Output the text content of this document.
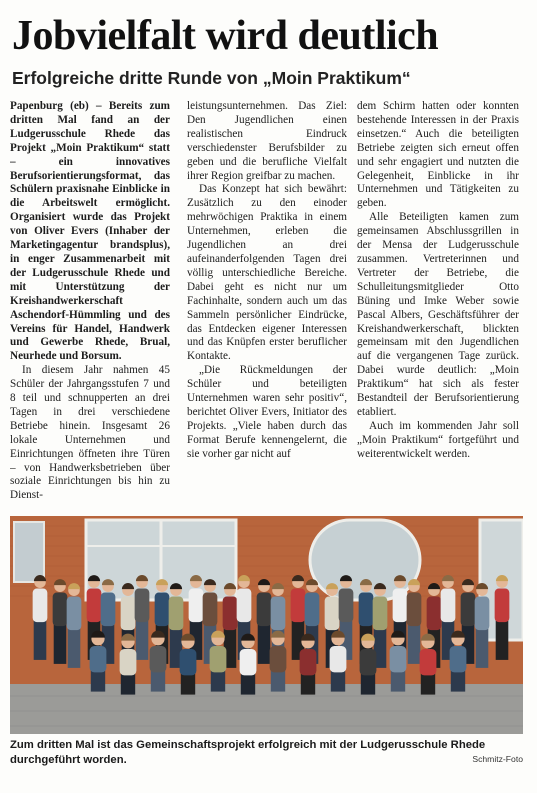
Jobvielfalt wird deutlich
Erfolgreiche dritte Runde von „Moin Praktikum“

Papenburg (eb) – Bereits zum dritten Mal fand an der Ludgerusschule Rhede das Projekt „Moin Praktikum“ statt – ein innovatives Berufsorientierungsformat, das Schülern praxisnahe Einblicke in die Arbeitswelt ermöglicht. Organisiert wurde das Projekt von Oliver Evers (Inhaber der Marketingagentur brandsplus), in enger Zusammenarbeit mit der Ludgerusschule Rhede und mit Unterstützung der Kreishandwerkerschaft Aschendorf-Hümmling und des Vereins für Handel, Handwerk und Gewerbe Rhede, Brual, Neurhede und Borsum.

In diesem Jahr nahmen 45 Schüler der Jahrgangsstufen 7 und 8 teil und schnupperten an drei Tagen in drei verschiedene Betriebe hinein. Insgesamt 26 lokale Unternehmen und Einrichtungen öffneten ihre Türen – von Handwerksbetrieben über soziale Einrichtungen bis hin zu Dienst-

leistungsunternehmen. Das Ziel: Den Jugendlichen einen realistischen Eindruck verschiedenster Berufsbilder zu geben und die berufliche Vielfalt ihrer Region greifbar zu machen.

Das Konzept hat sich bewährt: Zusätzlich zu den einoder mehrwöchigen Praktika in einem Unternehmen, erleben die Jugendlichen an drei aufeinanderfolgenden Tagen drei völlig unterschiedliche Bereiche. Dabei geht es nicht nur um Fachinhalte, sondern auch um das Sammeln persönlicher Eindrücke, das Entdecken eigener Interessen und das Knüpfen erster beruflicher Kontakte.

„Die Rückmeldungen der Schüler und beteiligten Unternehmen waren sehr positiv“, berichtet Oliver Evers, Initiator des Projekts. „Viele haben durch das Format Berufe kennengelernt, die sie vorher gar nicht auf

dem Schirm hatten oder konnten bestehende Interessen in der Praxis einsetzen.“ Auch die beteiligten Betriebe zeigten sich erneut offen und sehr engagiert und nutzten die Gelegenheit, Einblicke in ihr Unternehmen und Tätigkeiten zu geben.

Alle Beteiligten kamen zum gemeinsamen Abschlussgrillen in der Mensa der Ludgerusschule zusammen. Vertreterinnen und Vertreter der Betriebe, die Schulleitungsmitglieder Otto Büning und Imke Weber sowie Pascal Albers, Geschäftsführer der Kreishandwerkerschaft, blickten gemeinsam mit den Jugendlichen auf die vergangenen Tage zurück. Dabei wurde deutlich: „Moin Praktikum“ hat sich als fester Bestandteil der Berufsorientierung etabliert.

Auch im kommenden Jahr soll „Moin Praktikum“ fortgeführt und weiterentwickelt werden.

Zum dritten Mal ist das Gemeinschaftsprojekt erfolgreich mit der Ludgerusschule Rhede durchgeführt worden.	Schmitz-Foto
